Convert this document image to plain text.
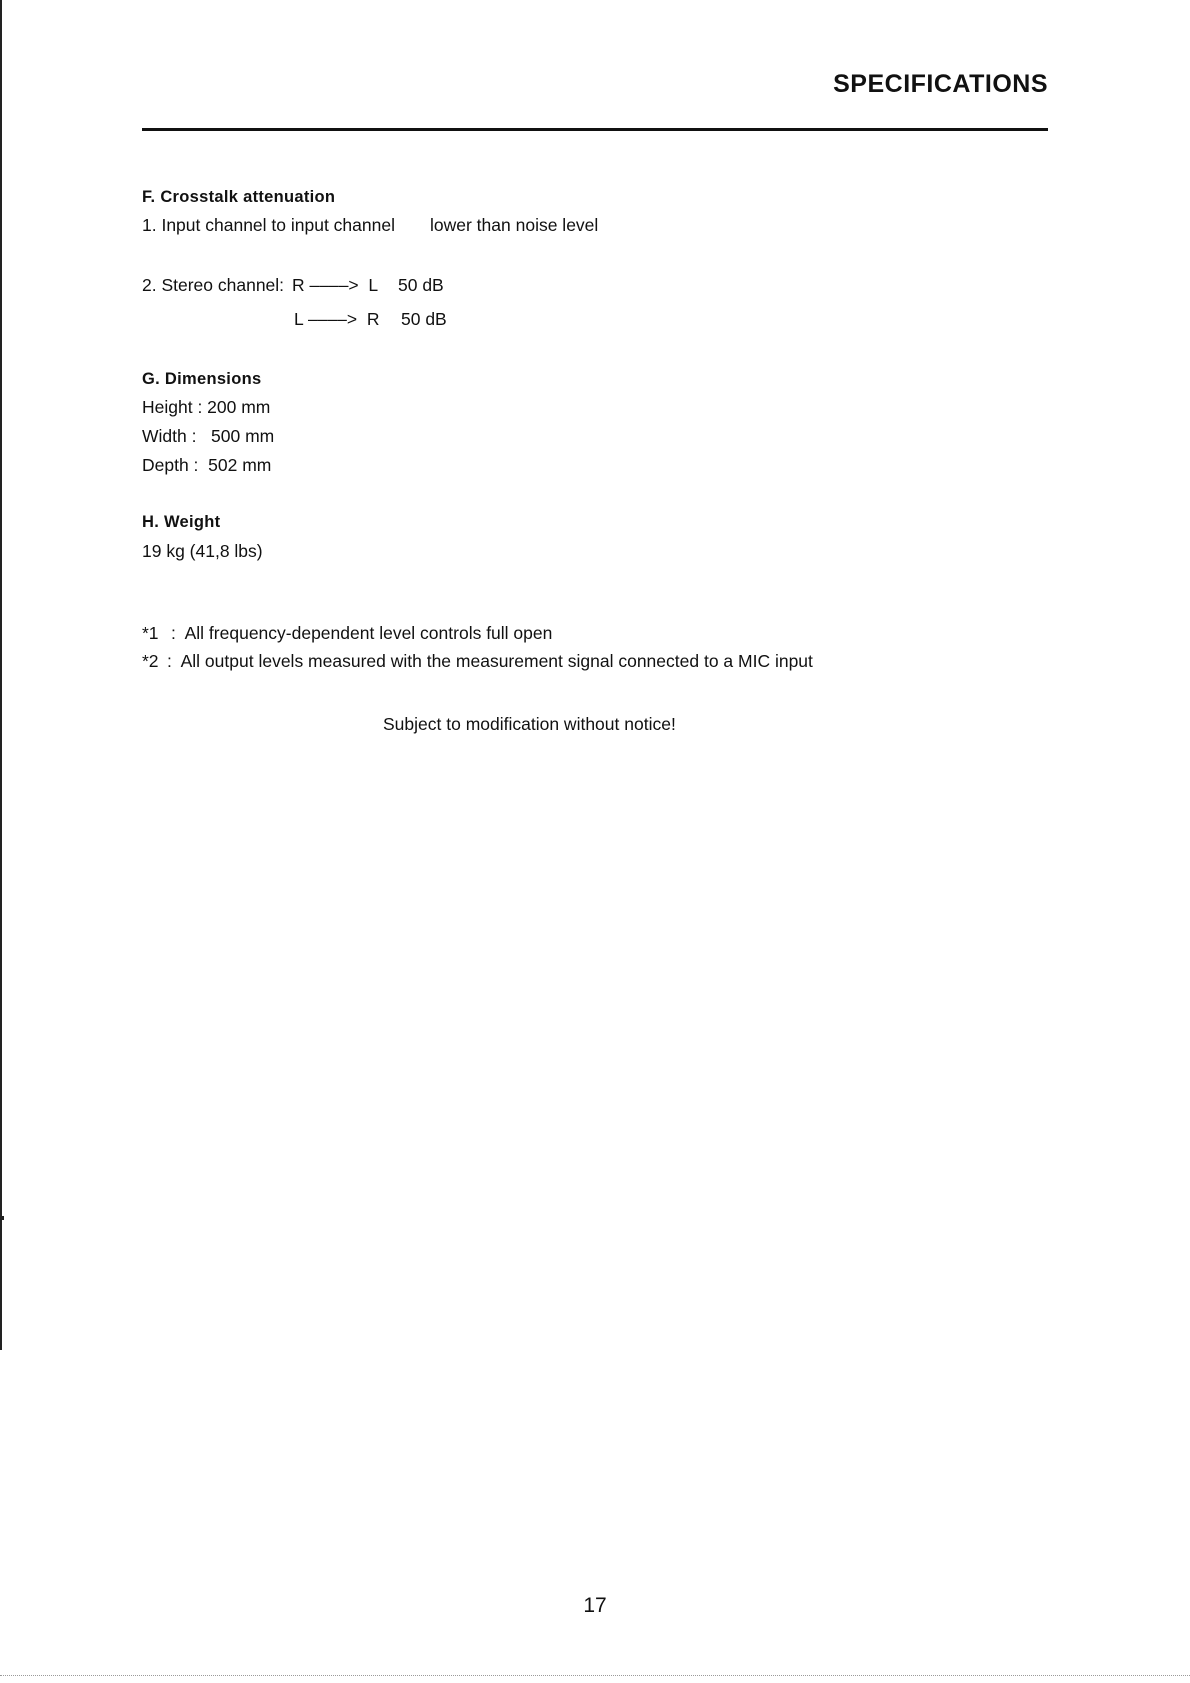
SPECIFICATIONS
F. Crosstalk attenuation
1. Input channel to input channel lower than noise level
2. Stereo channel: R ––––>  L 50 dB
L ––––>  R 50 dB
G. Dimensions
Height : 200 mm
Width :   500 mm
Depth :  502 mm
H. Weight
19 kg (41,8 lbs)
*1 :  All frequency-dependent level controls full open
*2 :  All output levels measured with the measurement signal connected to a MIC input
Subject to modification without notice!
17
